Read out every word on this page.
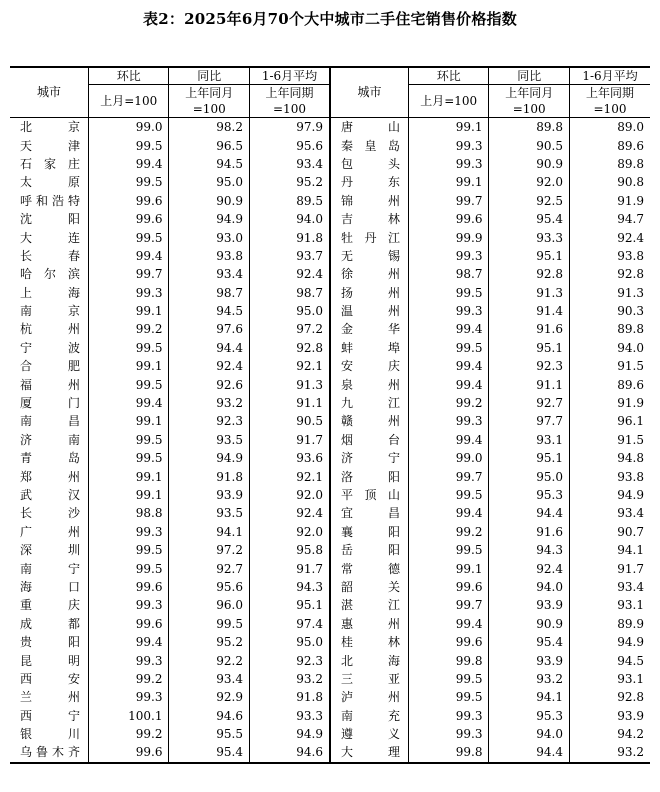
表2：2025年6月70个大中城市二手住宅销售价格指数
城市	环比	同比	1-6月平均	城市	环比	同比	1-6月平均
	上月=100	上年同月	上年同期		上月=100	上年同月	上年同期
		=100	=100			=100	=100
北京	99.0	98.2	97.9	唐山	99.1	89.8	89.0
天津	99.5	96.5	95.6	秦皇岛	99.3	90.5	89.6
石家庄	99.4	94.5	93.4	包头	99.3	90.9	89.8
太原	99.5	95.0	95.2	丹东	99.1	92.0	90.8
呼和浩特	99.6	90.9	89.5	锦州	99.7	92.5	91.9
沈阳	99.6	94.9	94.0	吉林	99.6	95.4	94.7
大连	99.5	93.0	91.8	牡丹江	99.9	93.3	92.4
长春	99.4	93.8	93.7	无锡	99.3	95.1	93.8
哈尔滨	99.7	93.4	92.4	徐州	98.7	92.8	92.8
上海	99.3	98.7	98.7	扬州	99.5	91.3	91.3
南京	99.1	94.5	95.0	温州	99.3	91.4	90.3
杭州	99.2	97.6	97.2	金华	99.4	91.6	89.8
宁波	99.5	94.4	92.8	蚌埠	99.5	95.1	94.0
合肥	99.1	92.4	92.1	安庆	99.4	92.3	91.5
福州	99.5	92.6	91.3	泉州	99.4	91.1	89.6
厦门	99.4	93.2	91.1	九江	99.2	92.7	91.9
南昌	99.1	92.3	90.5	赣州	99.3	97.7	96.1
济南	99.5	93.5	91.7	烟台	99.4	93.1	91.5
青岛	99.5	94.9	93.6	济宁	99.0	95.1	94.8
郑州	99.1	91.8	92.1	洛阳	99.7	95.0	93.8
武汉	99.1	93.9	92.0	平顶山	99.5	95.3	94.9
长沙	98.8	93.5	92.4	宜昌	99.4	94.4	93.4
广州	99.3	94.1	92.0	襄阳	99.2	91.6	90.7
深圳	99.5	97.2	95.8	岳阳	99.5	94.3	94.1
南宁	99.5	92.7	91.7	常德	99.1	92.4	91.7
海口	99.6	95.6	94.3	韶关	99.6	94.0	93.4
重庆	99.3	96.0	95.1	湛江	99.7	93.9	93.1
成都	99.6	99.5	97.4	惠州	99.4	90.9	89.9
贵阳	99.4	95.2	95.0	桂林	99.6	95.4	94.9
昆明	99.3	92.2	92.3	北海	99.8	93.9	94.5
西安	99.2	93.4	93.2	三亚	99.5	93.2	93.1
兰州	99.3	92.9	91.8	泸州	99.5	94.1	92.8
西宁	100.1	94.6	93.3	南充	99.3	95.3	93.9
银川	99.2	95.5	94.9	遵义	99.3	94.0	94.2
乌鲁木齐	99.6	95.4	94.6	大理	99.8	94.4	93.2
